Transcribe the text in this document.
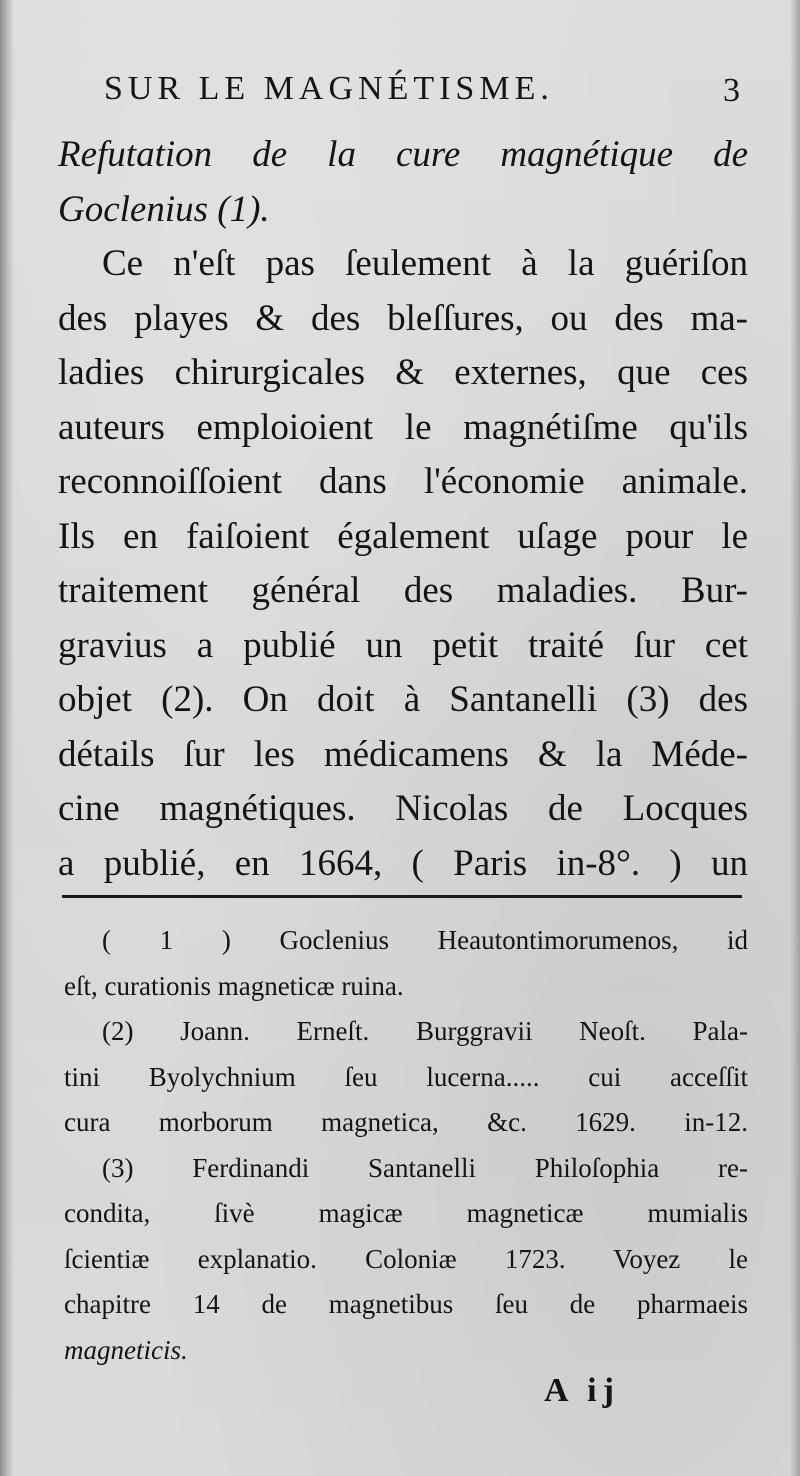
SUR LE MAGNÉTISME.	3
Refutation de la cure magnétique de
Goclenius (1).
Ce n'eſt pas ſeulement à la guériſon
des playes & des bleſſures, ou des ma-
ladies chirurgicales & externes, que ces
auteurs emploioient le magnétiſme qu'ils
reconnoiſſoient dans l'économie animale.
Ils en faiſoient également uſage pour le
traitement général des maladies. Bur-
gravius a publié un petit traité ſur cet
objet (2). On doit à Santanelli (3) des
détails ſur les médicamens & la Méde-
cine magnétiques. Nicolas de Locques
a publié, en 1664, ( Paris in-8°. ) un
( 1 ) Goclenius Heautontimorumenos, id
eſt, curationis magneticæ ruina.
(2) Joann. Erneſt. Burggravii Neoſt. Pala-
tini Byolychnium ſeu lucerna..... cui acceſſit
cura morborum magnetica, &c. 1629. in-12.
(3) Ferdinandi Santanelli Philoſophia re-
condita, ſivè magicæ magneticæ mumialis
ſcientiæ explanatio. Coloniæ 1723. Voyez le
chapitre 14 de magnetibus ſeu de pharmaeis
magneticis.
A ij
